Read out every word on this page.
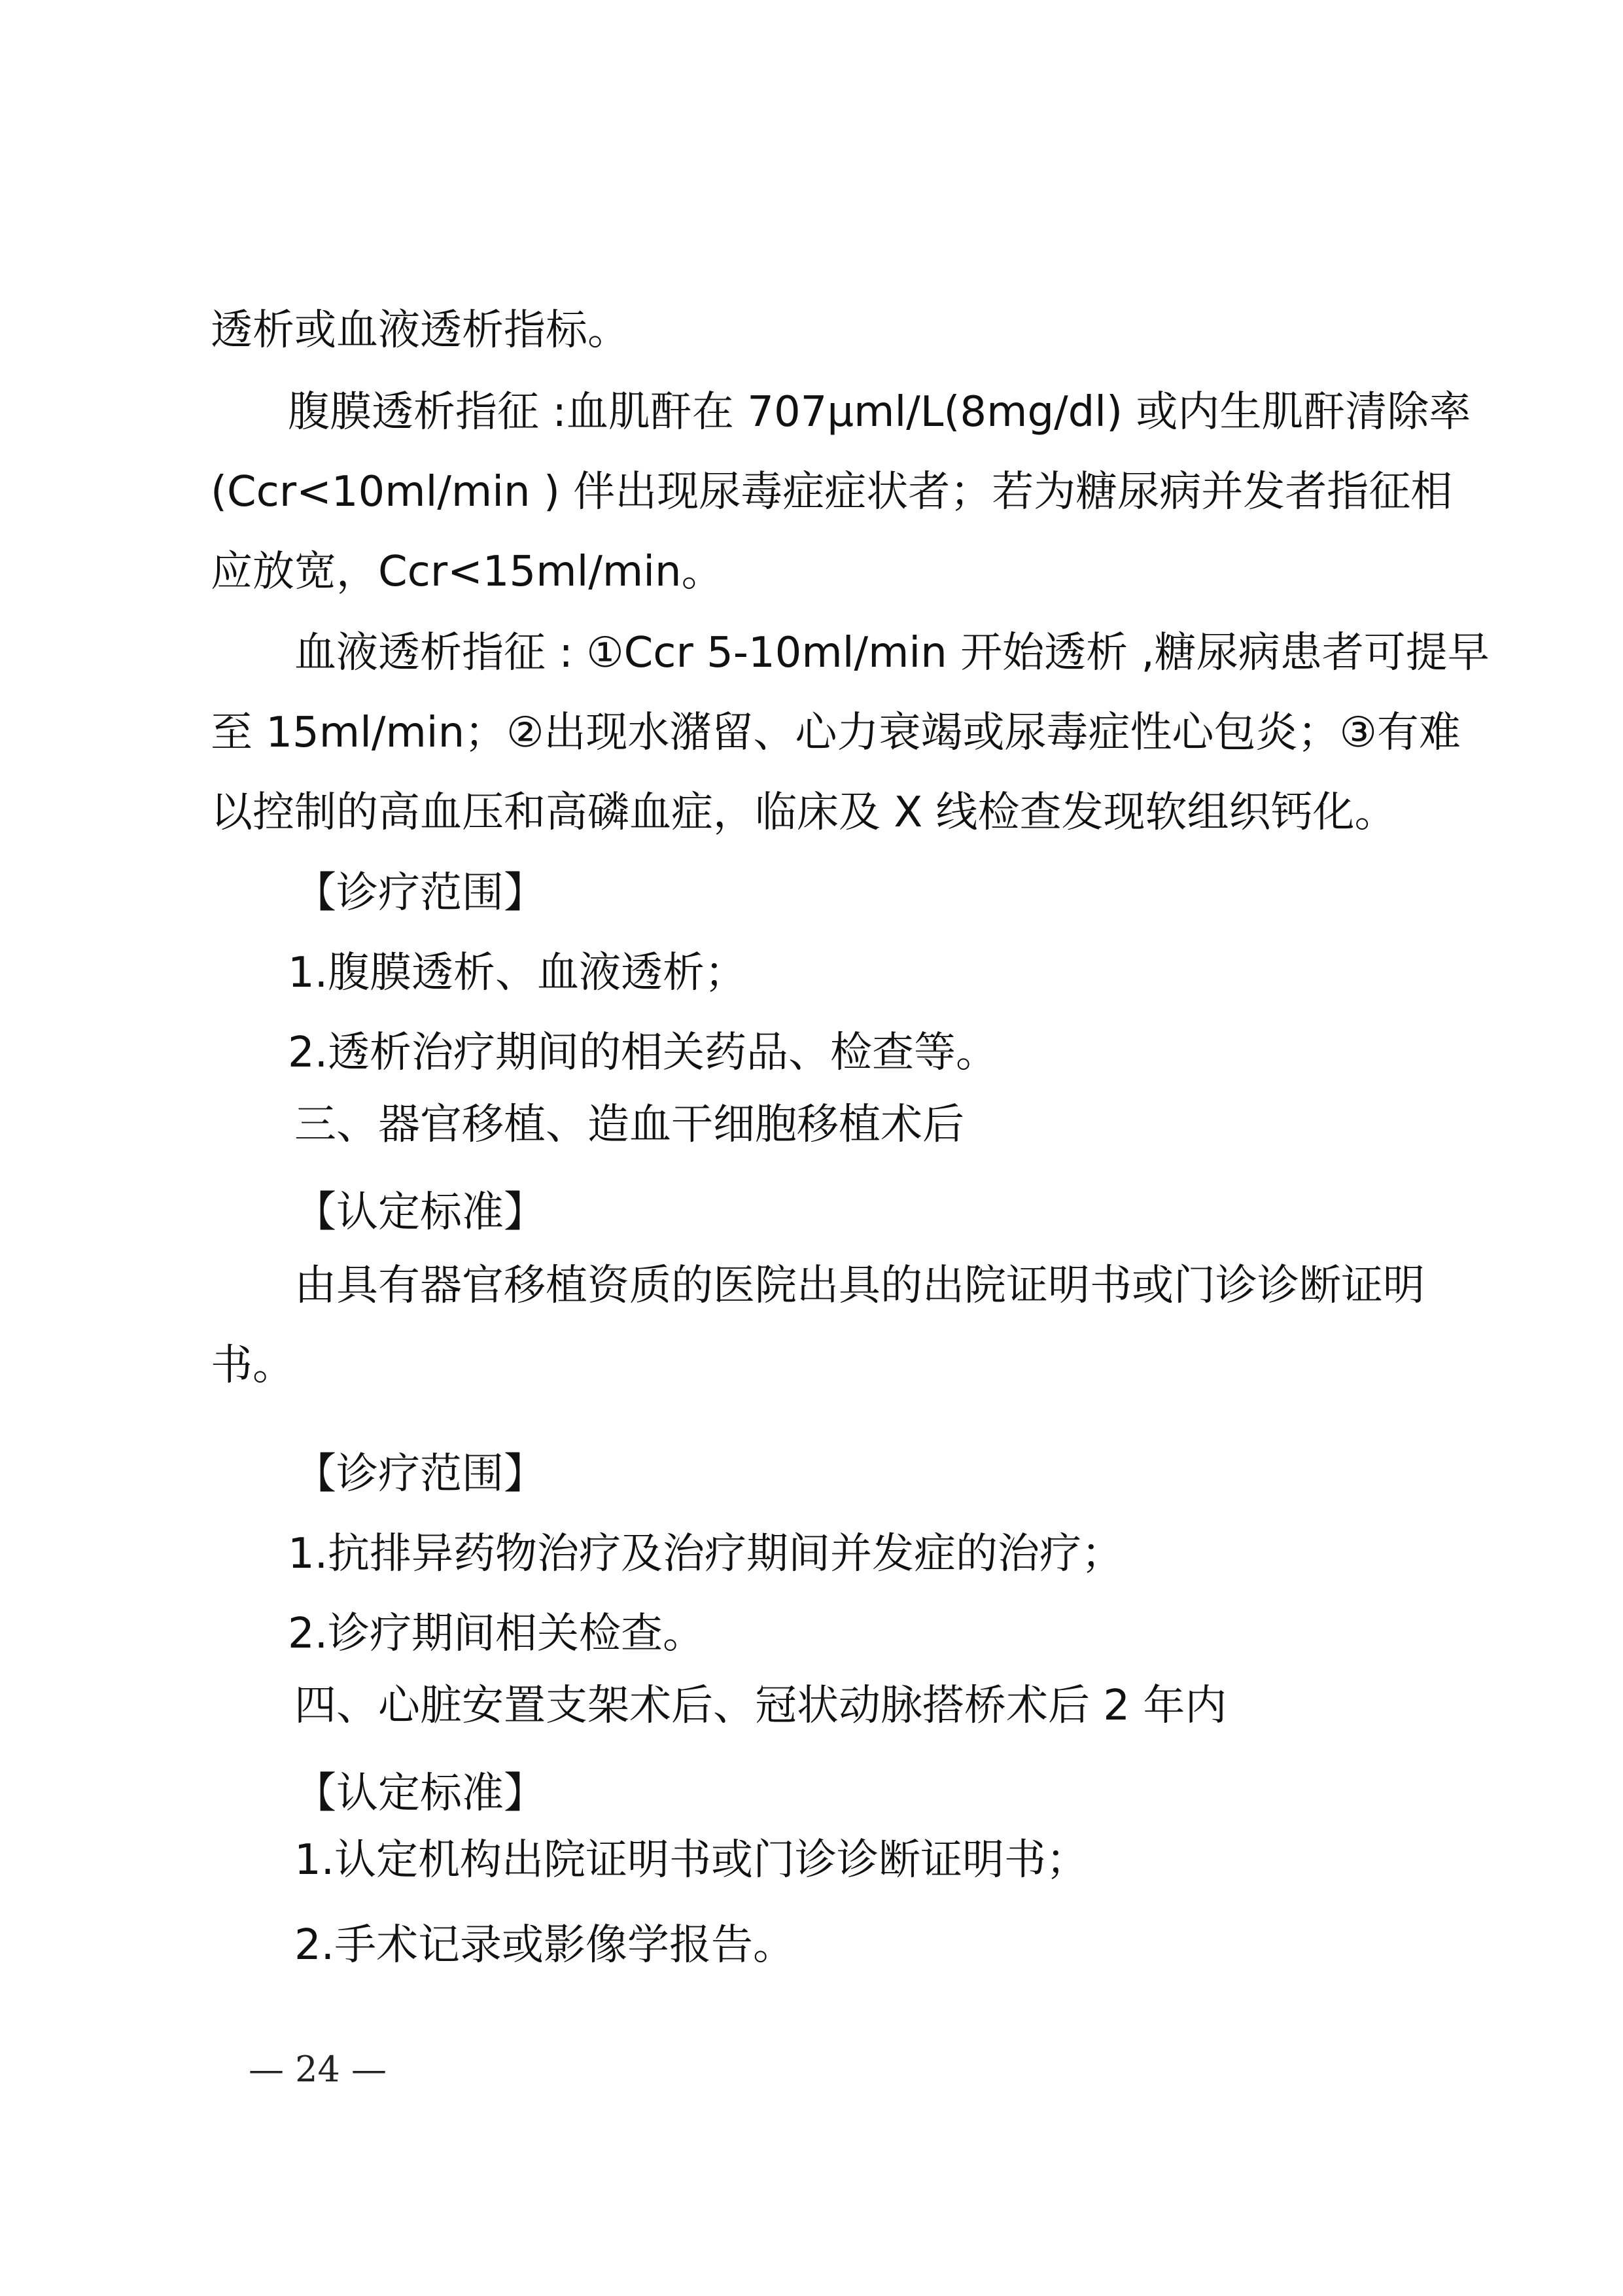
透析或血液透析指标。

腹膜透析指征 :血肌酐在 707μml/L(8mg/dl) 或内生肌酐清除率

(Ccr<10ml/min ) 伴出现尿毒症症状者；若为糖尿病并发者指征相

应放宽，Ccr<15ml/min。

血液透析指征 : ①Ccr 5-10ml/min 开始透析 ,糖尿病患者可提早

至 15ml/min；②出现水潴留、心力衰竭或尿毒症性心包炎；③有难

以控制的高血压和高磷血症，临床及 X 线检查发现软组织钙化。

【诊疗范围】

1.腹膜透析、血液透析；

2.透析治疗期间的相关药品、检查等。

三、器官移植、造血干细胞移植术后

【认定标准】

由具有器官移植资质的医院出具的出院证明书或门诊诊断证明

书。

【诊疗范围】

1.抗排异药物治疗及治疗期间并发症的治疗；

2.诊疗期间相关检查。

四、心脏安置支架术后、冠状动脉搭桥术后 2 年内

【认定标准】

1.认定机构出院证明书或门诊诊断证明书；

2.手术记录或影像学报告。

— 24 —
